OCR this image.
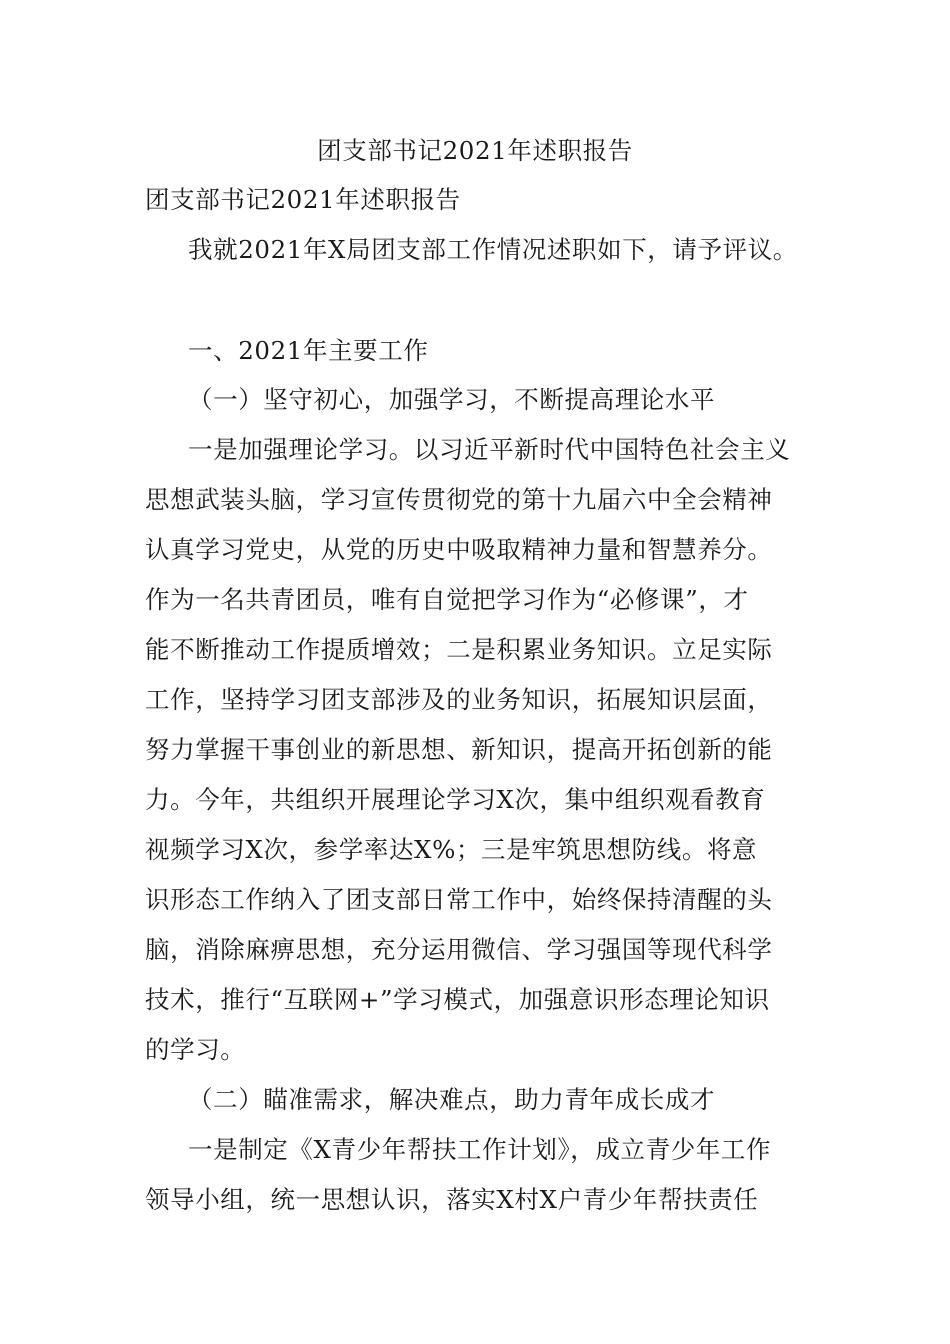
团支部书记2021年述职报告
团支部书记2021年述职报告
我就2021年X局团支部工作情况述职如下，请予评议。
一、2021年主要工作
（一）坚守初心，加强学习，不断提高理论水平
一是加强理论学习。以习近平新时代中国特色社会主义
思想武装头脑，学习宣传贯彻党的第十九届六中全会精神
认真学习党史，从党的历史中吸取精神力量和智慧养分。
作为一名共青团员，唯有自觉把学习作为“必修课”，才
能不断推动工作提质增效；二是积累业务知识。立足实际
工作，坚持学习团支部涉及的业务知识，拓展知识层面，
努力掌握干事创业的新思想、新知识，提高开拓创新的能
力。今年，共组织开展理论学习X次，集中组织观看教育
视频学习X次，参学率达X%；三是牢筑思想防线。将意
识形态工作纳入了团支部日常工作中，始终保持清醒的头
脑，消除麻痹思想，充分运用微信、学习强国等现代科学
技术，推行“互联网+”学习模式，加强意识形态理论知识
的学习。
（二）瞄准需求，解决难点，助力青年成长成才
一是制定《X青少年帮扶工作计划》，成立青少年工作
领导小组，统一思想认识，落实X村X户青少年帮扶责任
